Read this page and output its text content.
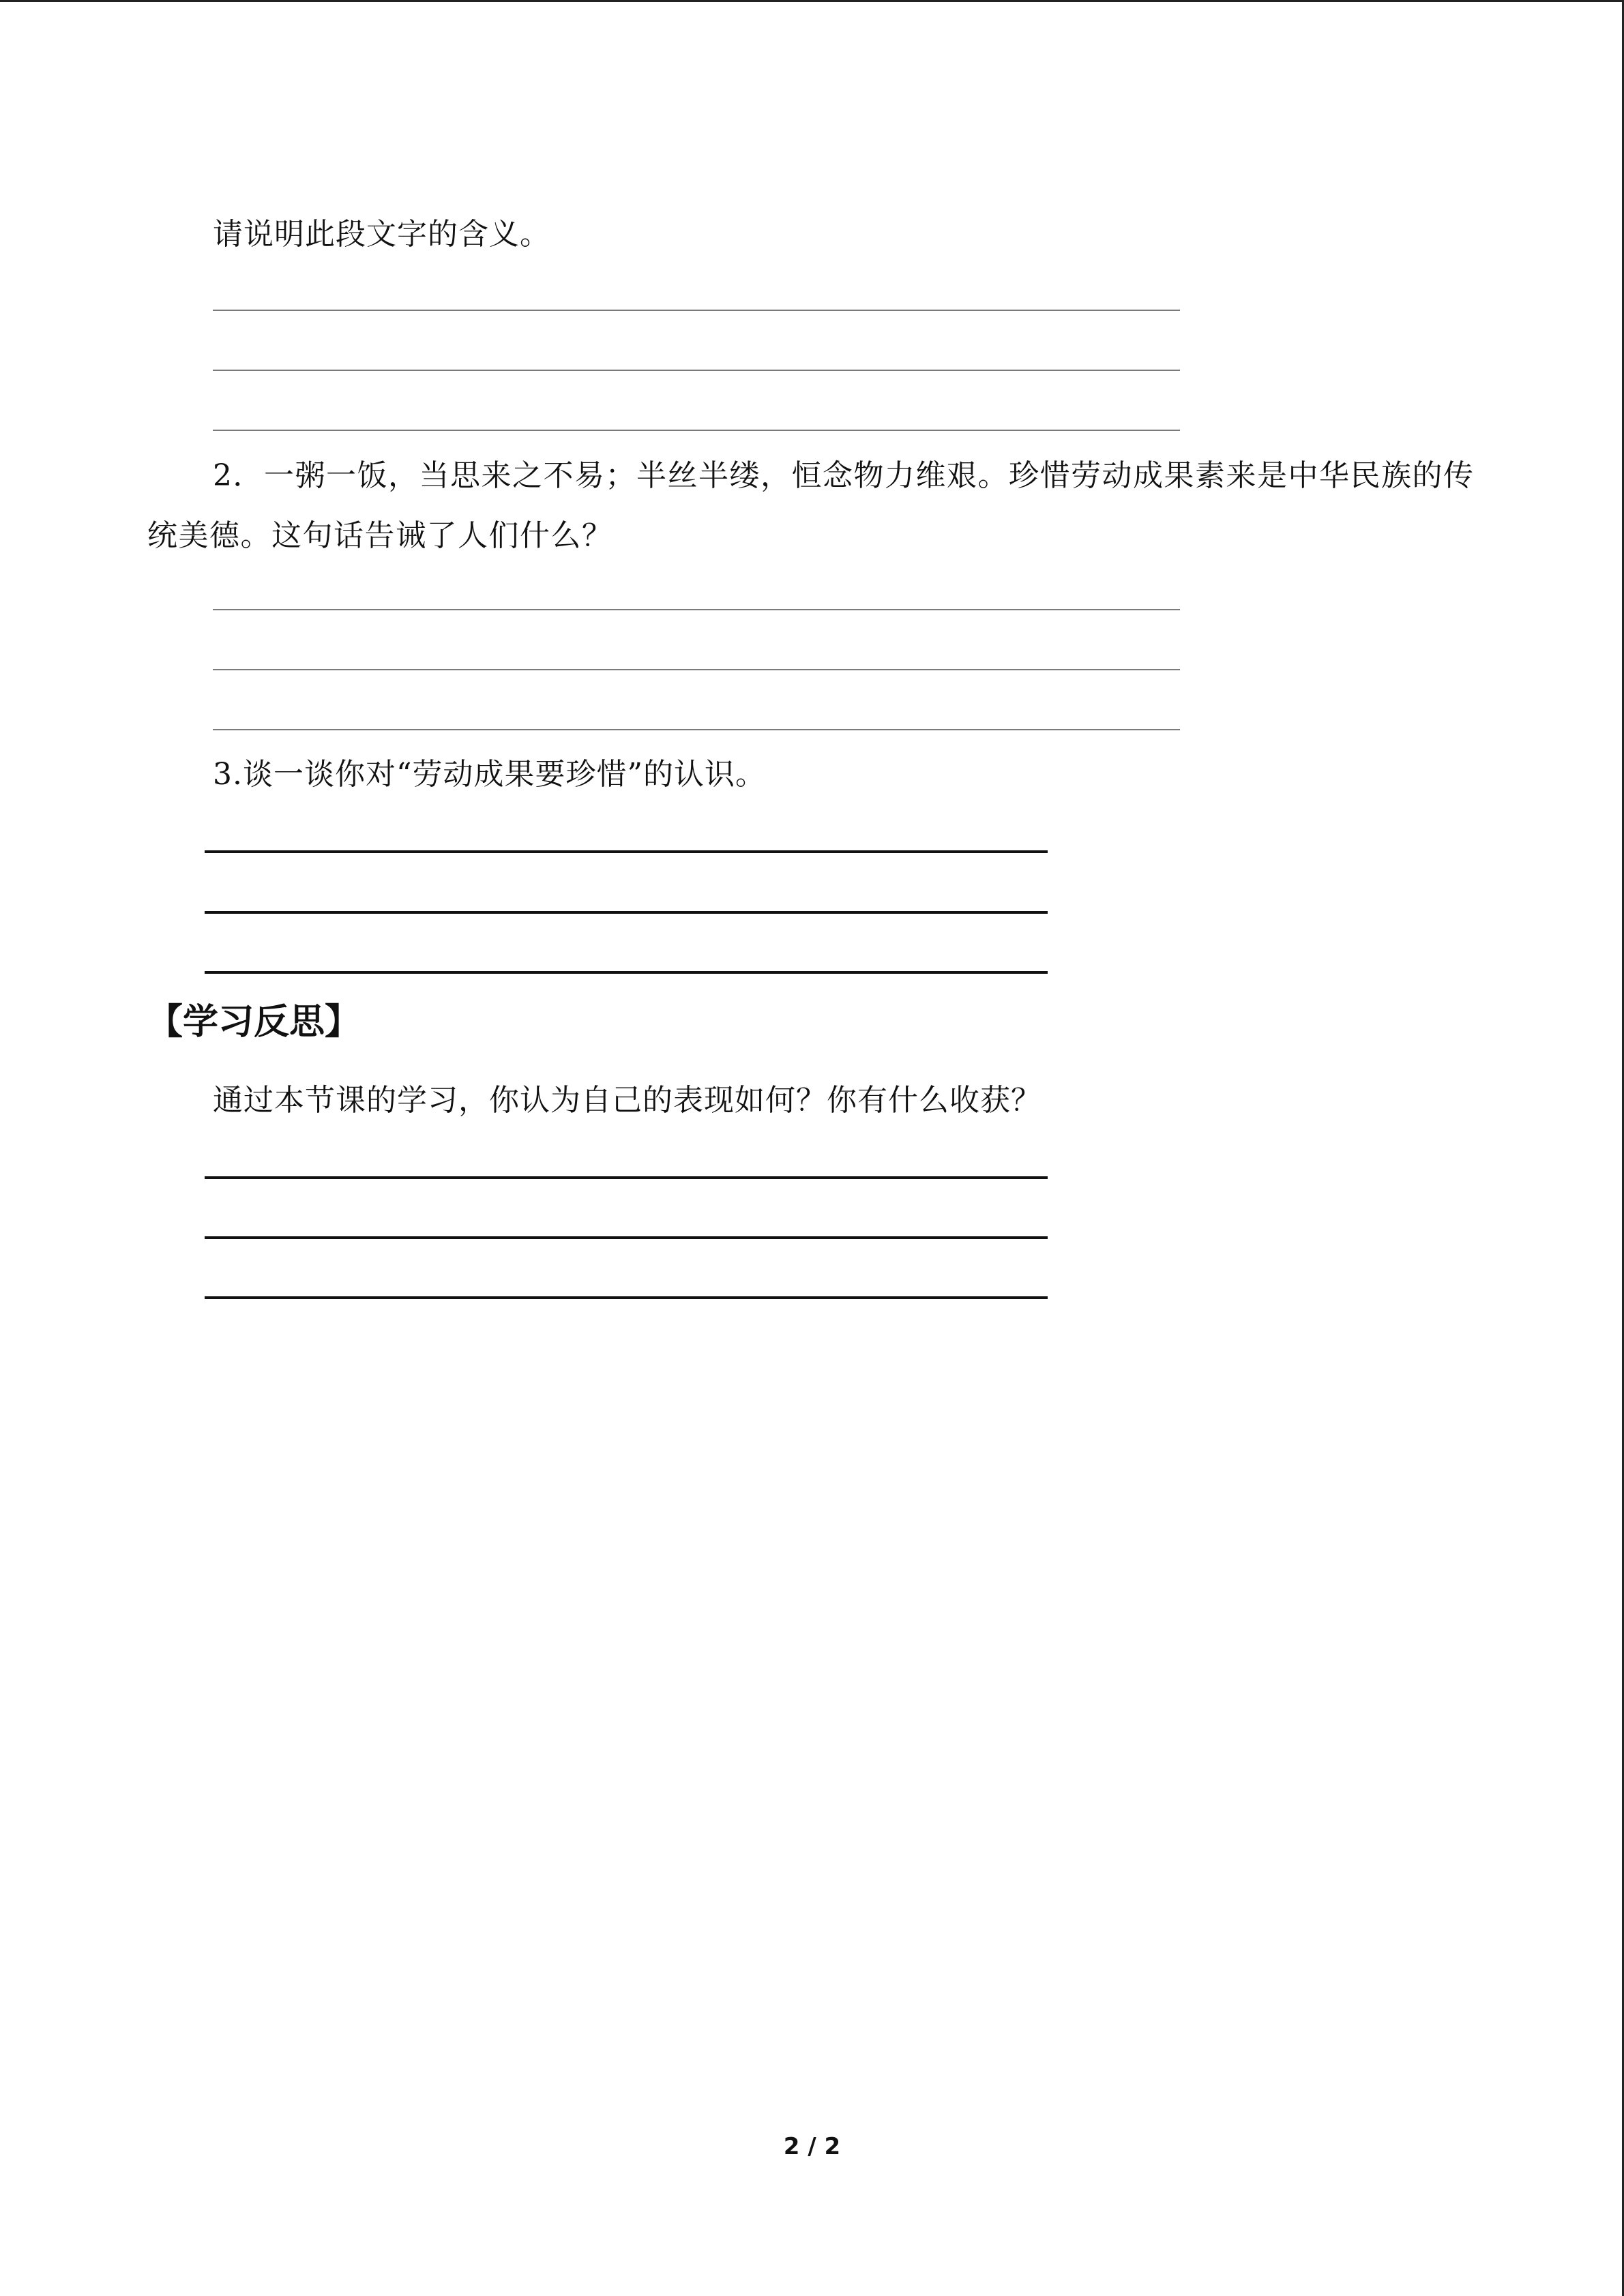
请说明此段文字的含义。
2．一粥一饭，当思来之不易；半丝半缕，恒念物力维艰。珍惜劳动成果素来是中华民族的传统美德。这句话告诫了人们什么？
3.谈一谈你对“劳动成果要珍惜”的认识。
【学习反思】
通过本节课的学习，你认为自己的表现如何？你有什么收获？
2 / 2
